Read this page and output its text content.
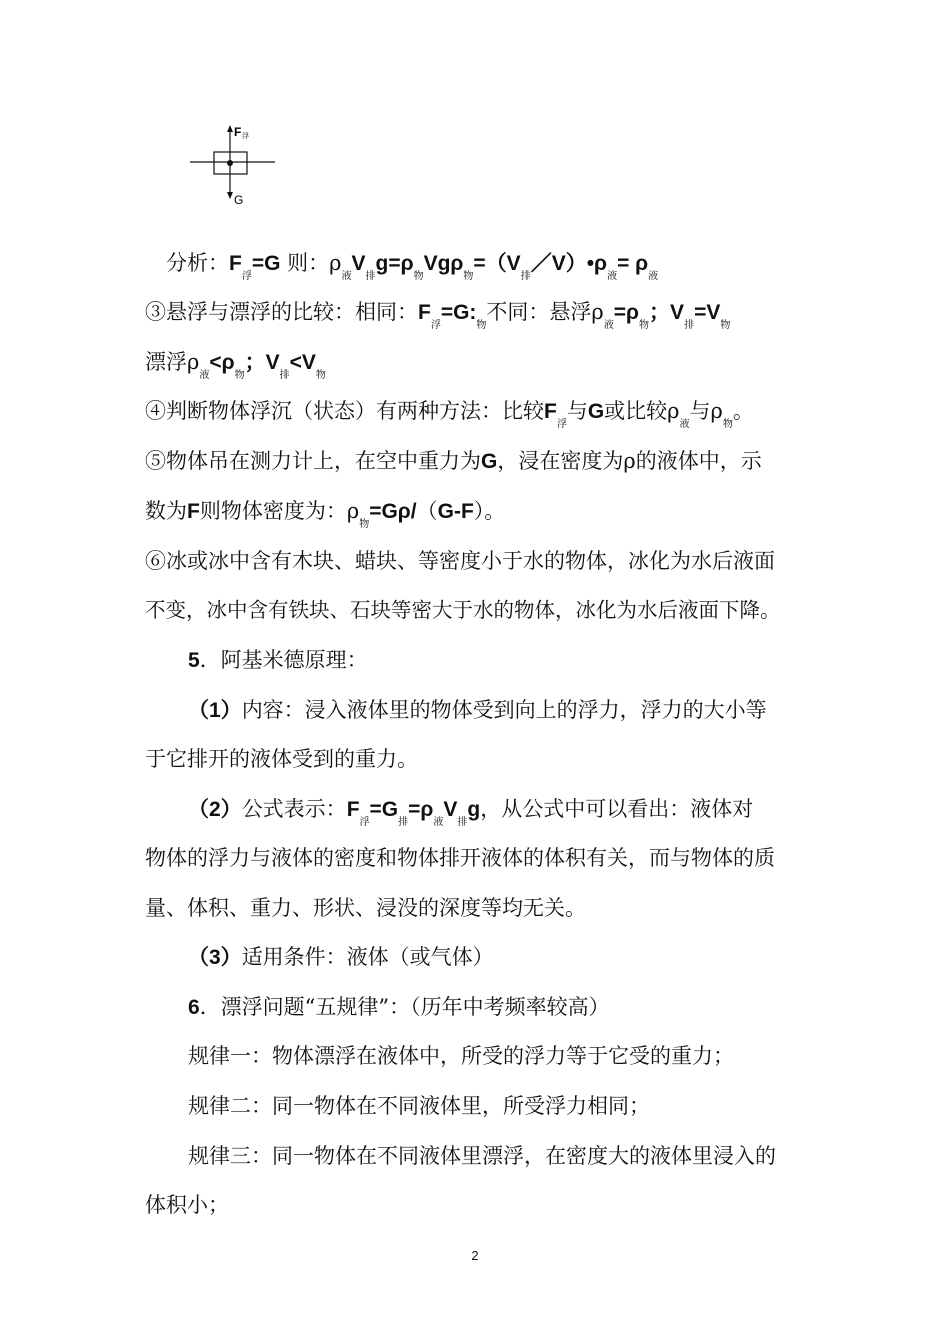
F 浮
G
分析：$F_浮=G$ 则：$\rho_液V_排g=\rho_物Vg\rho_物=(V_排/V)•\rho_液= \rho_液$
③悬浮与漂浮的比较：相同：$F_浮=G:_物$不同：悬浮$\rho_液=\rho_物$；$V_排=V_物$
漂浮$\rho_液<\rho_物$；$V_排<V_物$
④判断物体浮沉（状态）有两种方法：比较$F_浮$与G或比较$\rho_液$与$\rho_物$。
⑤物体吊在测力计上，在空中重力为G，浸在密度为ρ的液体中，示
数为F则物体密度为：$\rho_物=G\rho/(G-F)$。
⑥冰或冰中含有木块、蜡块、等密度小于水的物体，冰化为水后液面
不变，冰中含有铁块、石块等密大于水的物体，冰化为水后液面下降。
5．阿基米德原理：
（1）内容：浸入液体里的物体受到向上的浮力，浮力的大小等
于它排开的液体受到的重力。
（2）公式表示：$F_浮=G_排=\rho_液V_排g$，从公式中可以看出：液体对
物体的浮力与液体的密度和物体排开液体的体积有关，而与物体的质
量、体积、重力、形状、浸没的深度等均无关。
（3）适用条件：液体（或气体）
6．漂浮问题“五规律”：（历年中考频率较高）
规律一：物体漂浮在液体中，所受的浮力等于它受的重力；
规律二：同一物体在不同液体里，所受浮力相同；
规律三：同一物体在不同液体里漂浮，在密度大的液体里浸入的
体积小；
2
